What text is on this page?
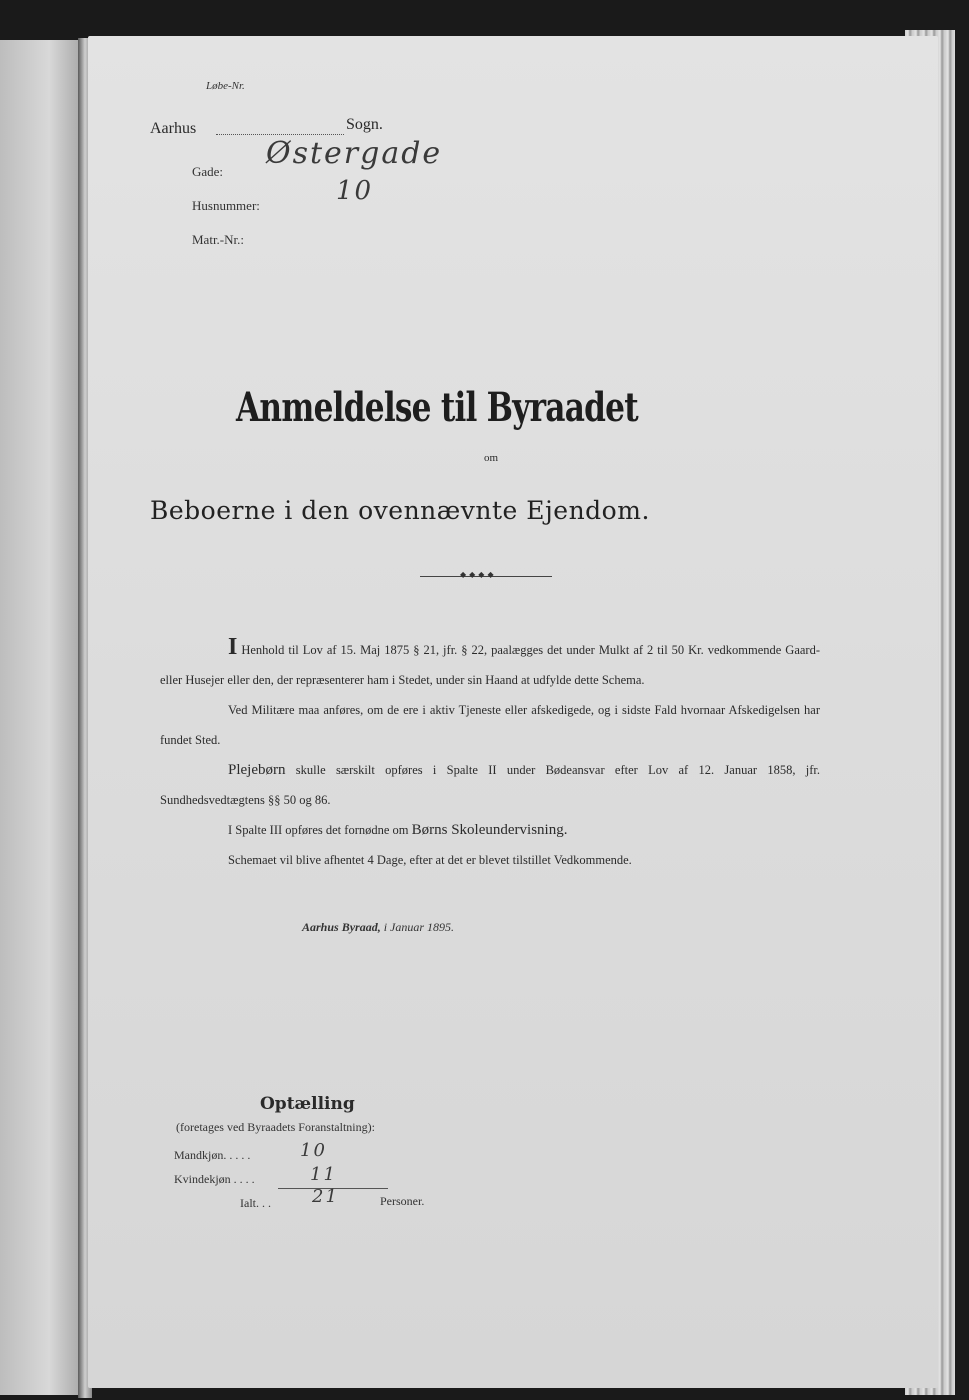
Løbe-Nr.
Aarhus	Sogn.
Gade:
Østergade
Husnummer:	10
Matr.-Nr.:
Anmeldelse til Byraadet
om
Beboerne i den ovennævnte Ejendom.
◆◆◆◆

I Henhold til Lov af 15. Maj 1875 § 21, jfr. § 22, paalægges det under Mulkt af 2 til 50 Kr. vedkommende Gaard- eller Husejer eller den, der repræsenterer ham i Stedet, under sin Haand at udfylde dette Schema.

Ved Militære maa anføres, om de ere i aktiv Tjeneste eller afskedigede, og i sidste Fald hvornaar Afskedigelsen har fundet Sted.

Plejebørn skulle særskilt opføres i Spalte II under Bødeansvar efter Lov af 12. Januar 1858, jfr. Sundhedsvedtægtens §§ 50 og 86.

I Spalte III opføres det fornødne om Børns Skoleundervisning.

Schemaet vil blive afhentet 4 Dage, efter at det er blevet tilstillet Vedkommende.

Aarhus Byraad, i Januar 1895.
Optælling
(foretages ved Byraadets Foranstaltning):
Mandkjøn. . . . .	10
Kvindekjøn . . . .	11
Ialt. . . 21	Personer.
